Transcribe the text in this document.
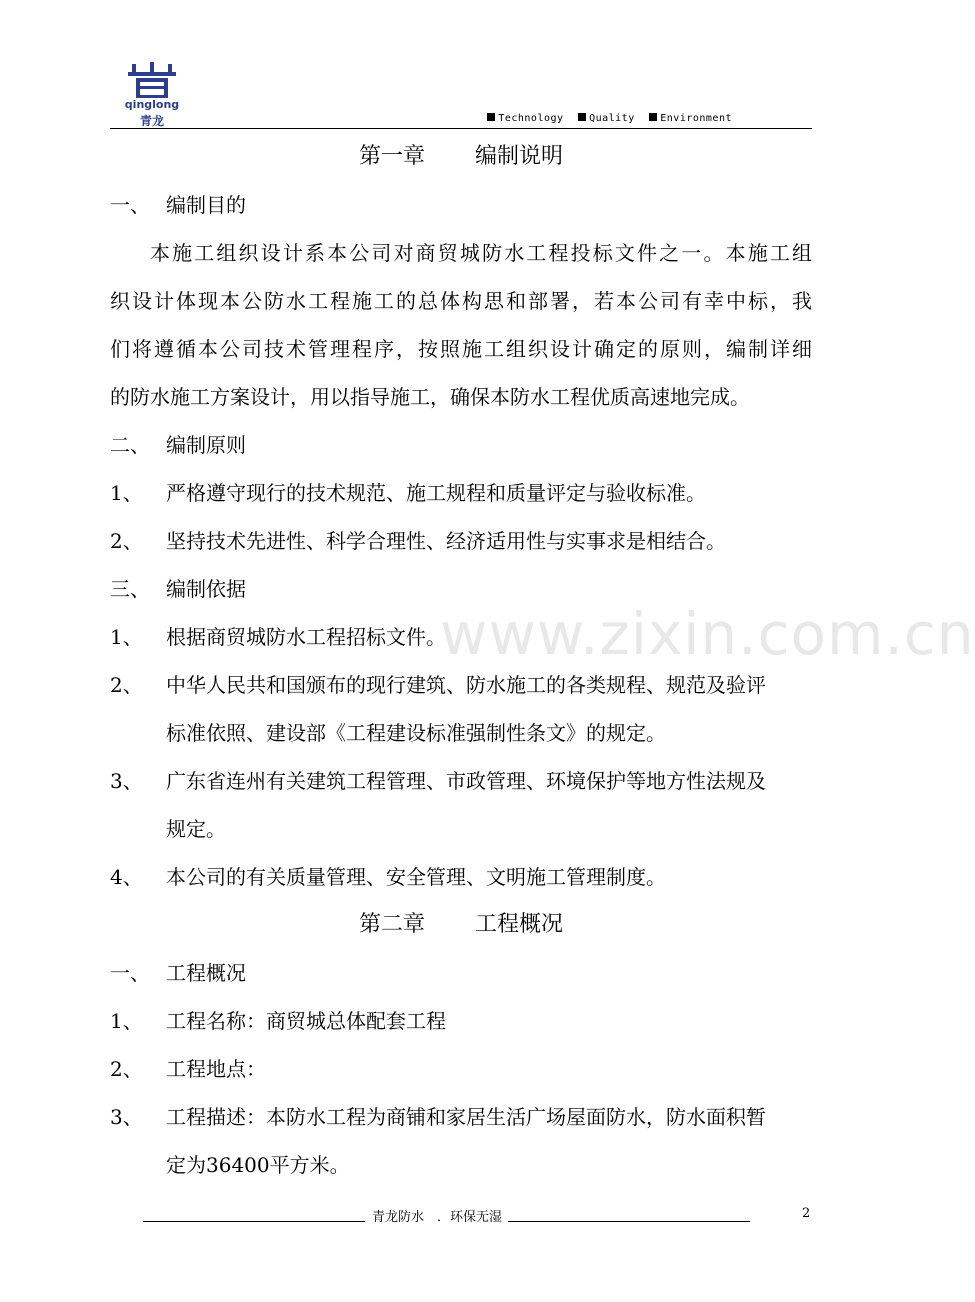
qinglong
青龙	Technology	Quality	Environment
www.zixin.com.cn
第一章 编制说明
一、 编制目的
本施工组织设计系本公司对商贸城防水工程投标文件之一。本施工组
织设计体现本公防水工程施工的总体构思和部署，若本公司有幸中标，我
们将遵循本公司技术管理程序，按照施工组织设计确定的原则，编制详细
的防水施工方案设计，用以指导施工，确保本防水工程优质高速地完成。
二、 编制原则
1、 严格遵守现行的技术规范、施工规程和质量评定与验收标准。
2、 坚持技术先进性、科学合理性、经济适用性与实事求是相结合。
三、 编制依据
1、 根据商贸城防水工程招标文件。
2、 中华人民共和国颁布的现行建筑、防水施工的各类规程、规范及验评
标准依照、建设部《工程建设标准强制性条文》的规定。
3、 广东省连州有关建筑工程管理、市政管理、环境保护等地方性法规及
规定。
4、 本公司的有关质量管理、安全管理、文明施工管理制度。
第二章 工程概况
一、 工程概况
1、 工程名称：商贸城总体配套工程
2、 工程地点：
3、 工程描述：本防水工程为商铺和家居生活广场屋面防水，防水面积暂
定为36400平方米。
青龙防水　．环保无湿	2
